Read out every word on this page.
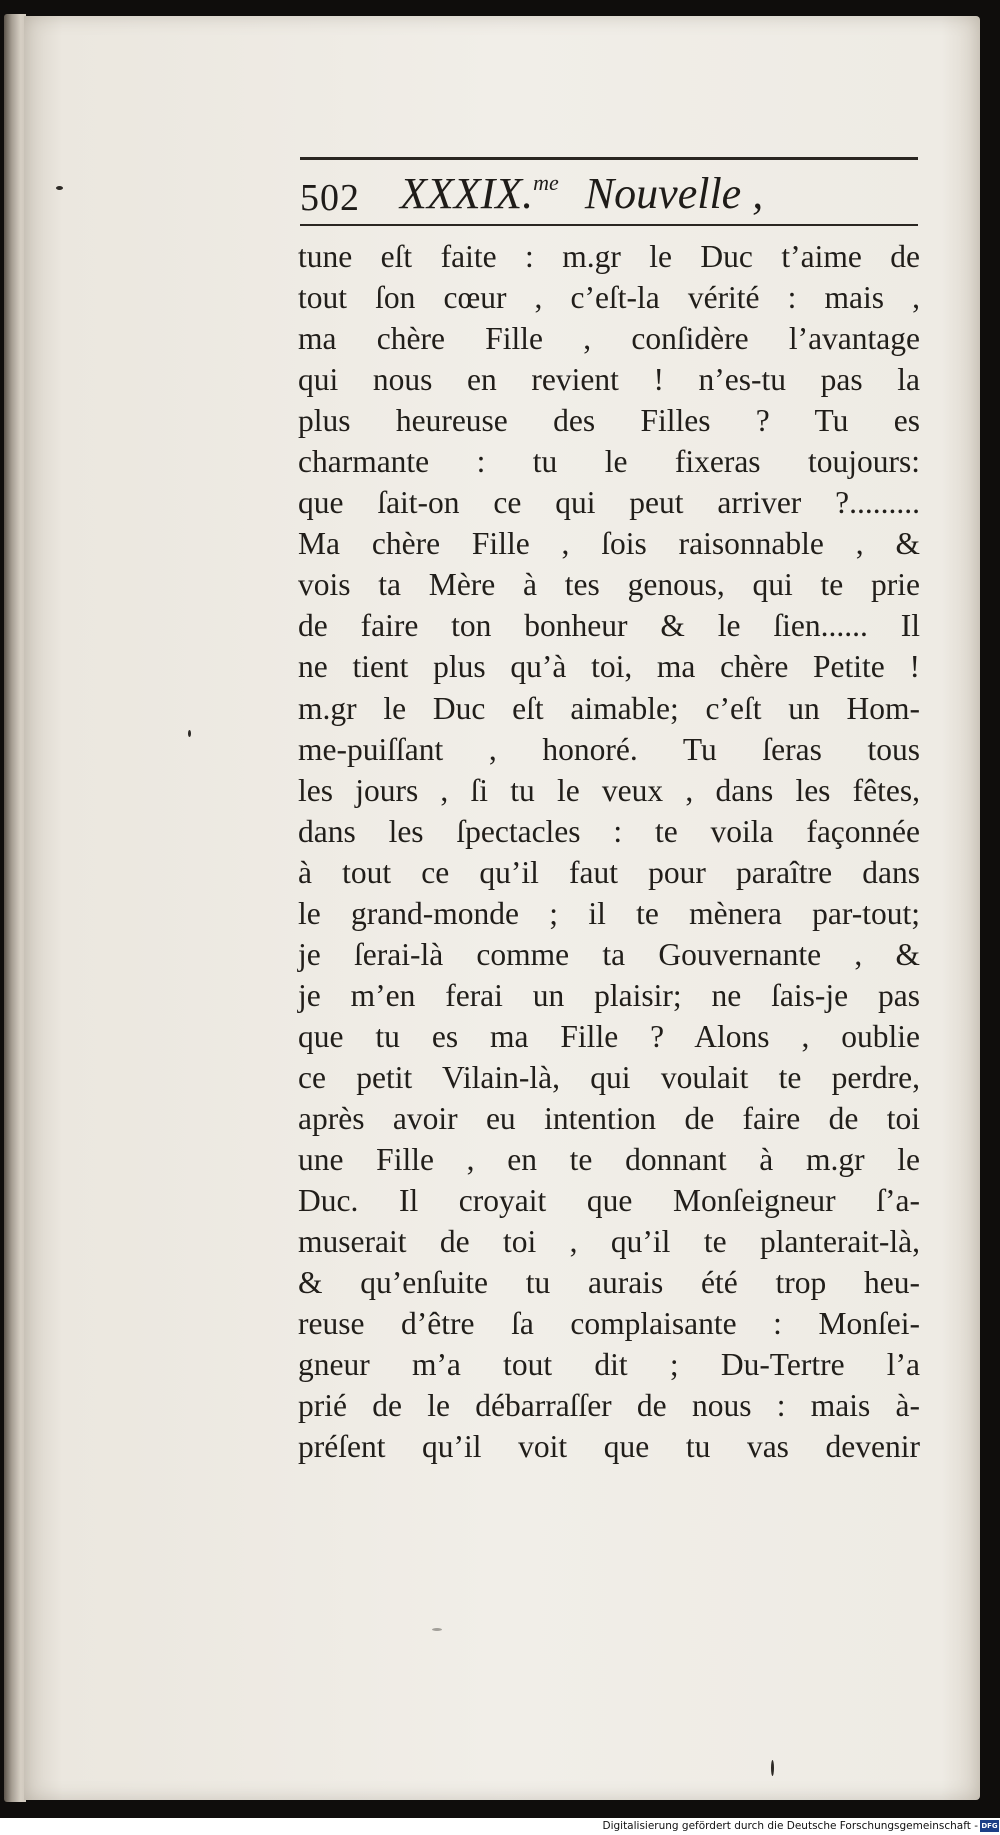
502 XXXIX.$^{me}$ Nouvelle ,
tune eſt faite : m.gr le Duc t’aime de
tout ſon cœur , c’eſt-la vérité : mais ,
ma chère Fille , conſidère l’avantage
qui nous en revient ! n’es-tu pas la
plus heureuse des Filles ? Tu es
charmante : tu le fixeras toujours:
que ſait-on ce qui peut arriver ?.........
Ma chère Fille , ſois raisonnable , &
vois ta Mère à tes genous, qui te prie
de faire ton bonheur & le ſien...... Il
ne tient plus qu’à toi, ma chère Petite !
m.gr le Duc eſt aimable; c’eſt un Hom-
me-puiſſant , honoré. Tu ſeras tous
les jours , ſi tu le veux , dans les fêtes,
dans les ſpectacles : te voila façonnée
à tout ce qu’il faut pour paraître dans
le grand-monde ; il te mènera par-tout;
je ſerai-là comme ta Gouvernante , &
je m’en ferai un plaisir; ne ſais-je pas
que tu es ma Fille ? Alons , oublie
ce petit Vilain-là, qui voulait te perdre,
après avoir eu intention de faire de toi
une Fille , en te donnant à m.gr le
Duc. Il croyait que Monſeigneur ſ’a-
muserait de toi , qu’il te planterait-là,
& qu’enſuite tu aurais été trop heu-
reuse d’être ſa complaisante : Monſei-
gneur m’a tout dit ; Du-Tertre l’a
prié de le débarraſſer de nous : mais à-
préſent qu’il voit que tu vas devenir
Digitalisierung gefördert durch die Deutsche Forschungsgemeinschaft - DFG
